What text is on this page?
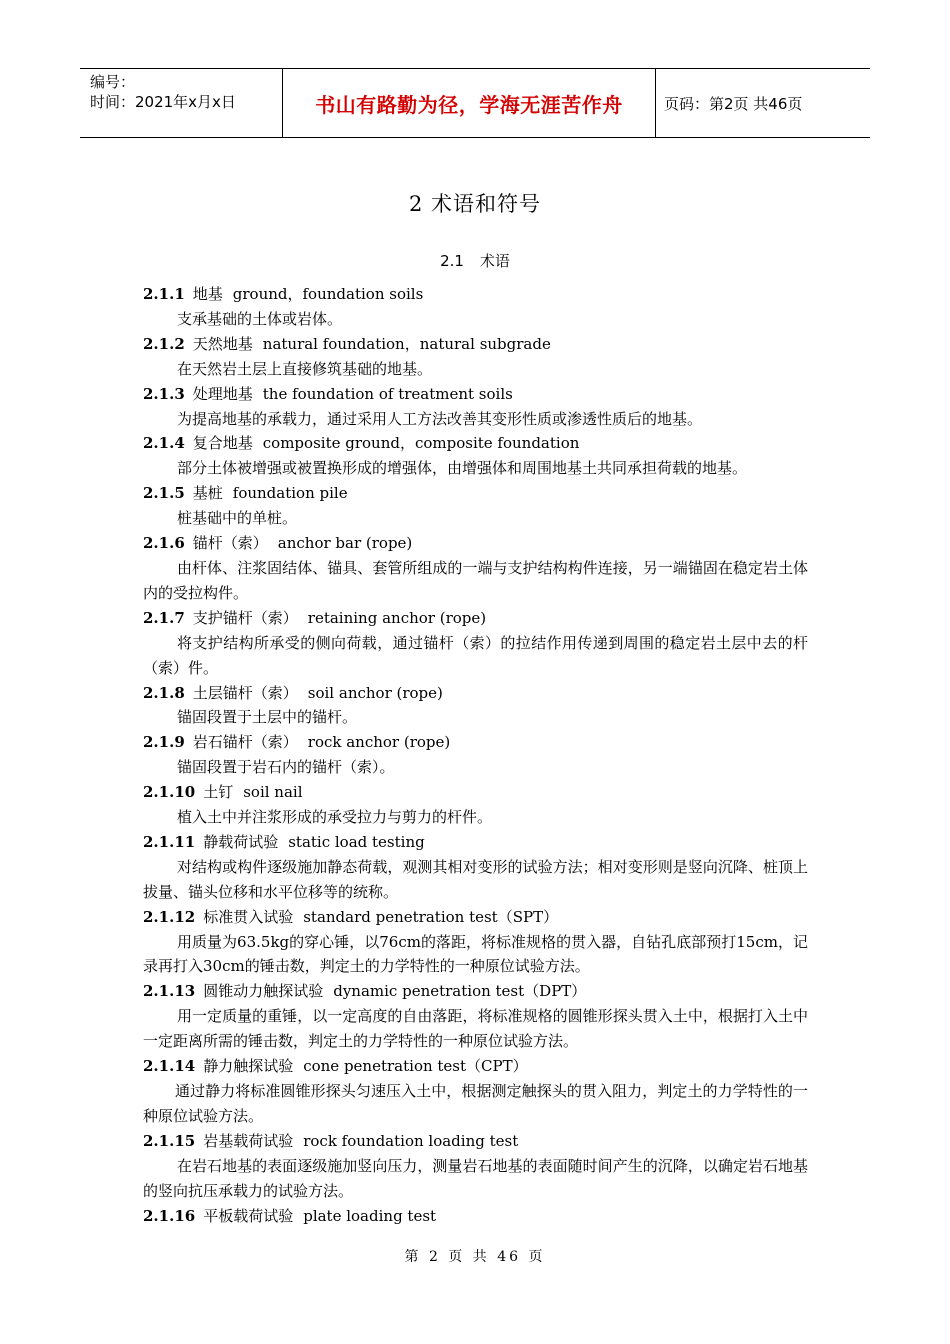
编号：
时间：2021年x月x日	书山有路勤为径，学海无涯苦作舟	页码：第2页 共46页
2 术语和符号
2.1 术语
2.1.1 地基 ground，foundation soils
支承基础的土体或岩体。
2.1.2 天然地基 natural foundation，natural subgrade
在天然岩土层上直接修筑基础的地基。
2.1.3 处理地基 the foundation of treatment soils
为提高地基的承载力，通过采用人工方法改善其变形性质或渗透性质后的地基。
2.1.4 复合地基 composite ground，composite foundation
部分土体被增强或被置换形成的增强体，由增强体和周围地基土共同承担荷载的地基。
2.1.5 基桩 foundation pile
桩基础中的单桩。
2.1.6 锚杆（索） anchor bar (rope)
由杆体、注浆固结体、锚具、套管所组成的一端与支护结构构件连接，另一端锚固在稳定岩土体内的受拉构件。
2.1.7 支护锚杆（索） retaining anchor (rope)
将支护结构所承受的侧向荷载，通过锚杆（索）的拉结作用传递到周围的稳定岩土层中去的杆（索）件。
2.1.8 土层锚杆（索） soil anchor (rope)
锚固段置于土层中的锚杆。
2.1.9 岩石锚杆（索） rock anchor (rope)
锚固段置于岩石内的锚杆（索）。
2.1.10 土钉 soil nail
植入土中并注浆形成的承受拉力与剪力的杆件。
2.1.11 静载荷试验 static load testing
对结构或构件逐级施加静态荷载，观测其相对变形的试验方法；相对变形则是竖向沉降、桩顶上拔量、锚头位移和水平位移等的统称。
2.1.12 标准贯入试验 standard penetration test（SPT）
用质量为63.5kg的穿心锤，以76cm的落距，将标准规格的贯入器，自钻孔底部预打15cm，记录再打入30cm的锤击数，判定土的力学特性的一种原位试验方法。
2.1.13 圆锥动力触探试验 dynamic penetration test（DPT）
用一定质量的重锤，以一定高度的自由落距，将标准规格的圆锥形探头贯入土中，根据打入土中一定距离所需的锤击数，判定土的力学特性的一种原位试验方法。
2.1.14 静力触探试验 cone penetration test（CPT）
通过静力将标准圆锥形探头匀速压入土中，根据测定触探头的贯入阻力，判定土的力学特性的一种原位试验方法。
2.1.15 岩基载荷试验 rock foundation loading test
在岩石地基的表面逐级施加竖向压力，测量岩石地基的表面随时间产生的沉降，以确定岩石地基的竖向抗压承载力的试验方法。
2.1.16 平板载荷试验 plate loading test
第 2 页 共 46 页
